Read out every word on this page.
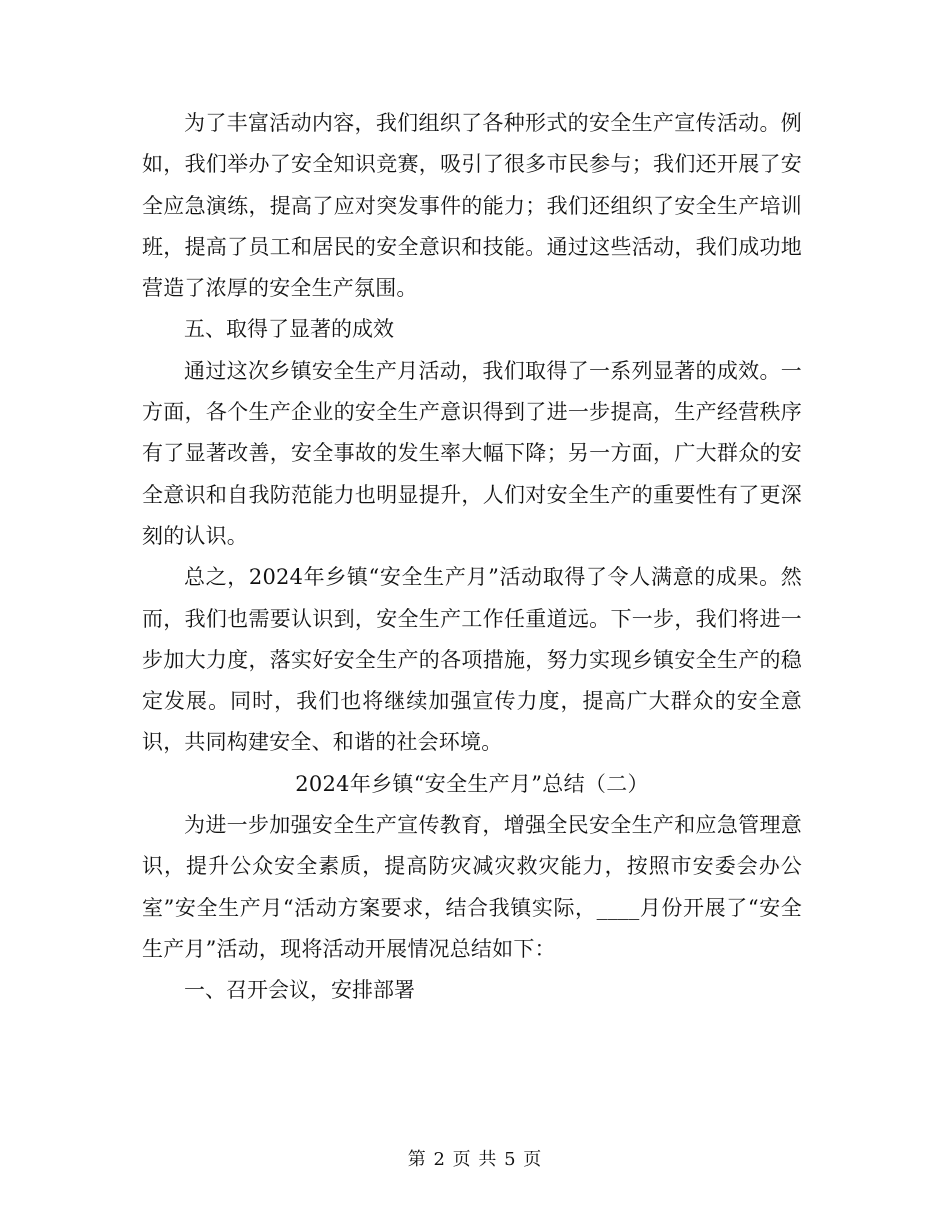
为了丰富活动内容，我们组织了各种形式的安全生产宣传活动。例如，我们举办了安全知识竞赛，吸引了很多市民参与；我们还开展了安全应急演练，提高了应对突发事件的能力；我们还组织了安全生产培训班，提高了员工和居民的安全意识和技能。通过这些活动，我们成功地营造了浓厚的安全生产氛围。

五、取得了显著的成效

通过这次乡镇安全生产月活动，我们取得了一系列显著的成效。一方面，各个生产企业的安全生产意识得到了进一步提高，生产经营秩序有了显著改善，安全事故的发生率大幅下降；另一方面，广大群众的安全意识和自我防范能力也明显提升，人们对安全生产的重要性有了更深刻的认识。

总之，2024年乡镇“安全生产月”活动取得了令人满意的成果。然而，我们也需要认识到，安全生产工作任重道远。下一步，我们将进一步加大力度，落实好安全生产的各项措施，努力实现乡镇安全生产的稳定发展。同时，我们也将继续加强宣传力度，提高广大群众的安全意识，共同构建安全、和谐的社会环境。

2024年乡镇“安全生产月”总结（二）

为进一步加强安全生产宣传教育，增强全民安全生产和应急管理意识，提升公众安全素质，提高防灾减灾救灾能力，按照市安委会办公室”安全生产月“活动方案要求，结合我镇实际，____月份开展了“安全生产月”活动，现将活动开展情况总结如下：

一、召开会议，安排部署

第 2 页 共 5 页
